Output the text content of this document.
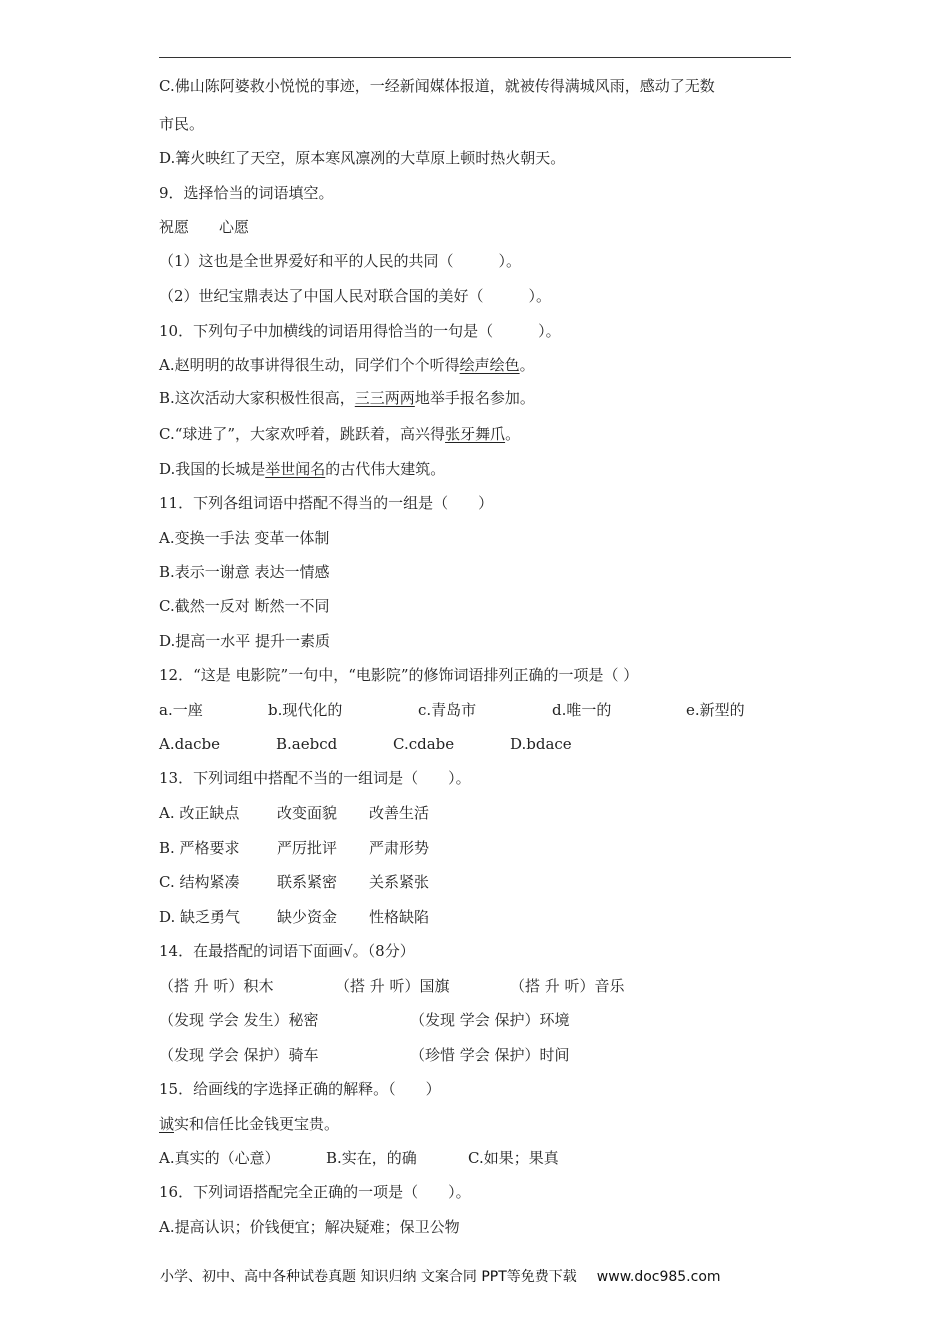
C.佛山陈阿婆救小悦悦的事迹，一经新闻媒体报道，就被传得满城风雨，感动了无数
市民。
D.篝火映红了天空，原本寒风凛冽的大草原上顿时热火朝天。
9．选择恰当的词语填空。
祝愿　　心愿
（1）这也是全世界爱好和平的人民的共同（　　　）。
（2）世纪宝鼎表达了中国人民对联合国的美好（　　　）。
10．下列句子中加横线的词语用得恰当的一句是（　　　）。
A.赵明明的故事讲得很生动，同学们个个听得绘声绘色。
B.这次活动大家积极性很高，三三两两地举手报名参加。
C.“球进了”，大家欢呼着，跳跃着，高兴得张牙舞爪。
D.我国的长城是举世闻名的古代伟大建筑。
11．下列各组词语中搭配不得当的一组是（　　）
A.变换一手法 变革一体制
B.表示一谢意 表达一情感
C.截然一反对 断然一不同
D.提高一水平 提升一素质
12．“这是 电影院”一句中，“电影院”的修饰词语排列正确的一项是（ ）
a.一座	b.现代化的	c.青岛市	d.唯一的	e.新型的
A.dacbe	B.aebcd	C.cdabe	D.bdace
13．下列词组中搭配不当的一组词是（　　）。
A. 改正缺点	改变面貌 改善生活
B. 严格要求 严厉批评 严肃形势
C. 结构紧凑	联系紧密 关系紧张
D. 缺乏勇气 缺少资金 性格缺陷
14．在最搭配的词语下面画√。（8分）
（搭 升 听）积木	（搭 升 听）国旗	（搭 升 听）音乐
（发现 学会 发生）秘密	（发现 学会 保护）环境
（发现 学会 保护）骑车	（珍惜 学会 保护）时间
15．给画线的字选择正确的解释。（　　）
诚实和信任比金钱更宝贵。
A.真实的（心意）	B.实在，的确	C.如果；果真
16．下列词语搭配完全正确的一项是（　　）。
A.提高认识；价钱便宜；解决疑难；保卫公物
小学、初中、高中各种试卷真题 知识归纳 文案合同 PPT等免费下载 www.doc985.com
